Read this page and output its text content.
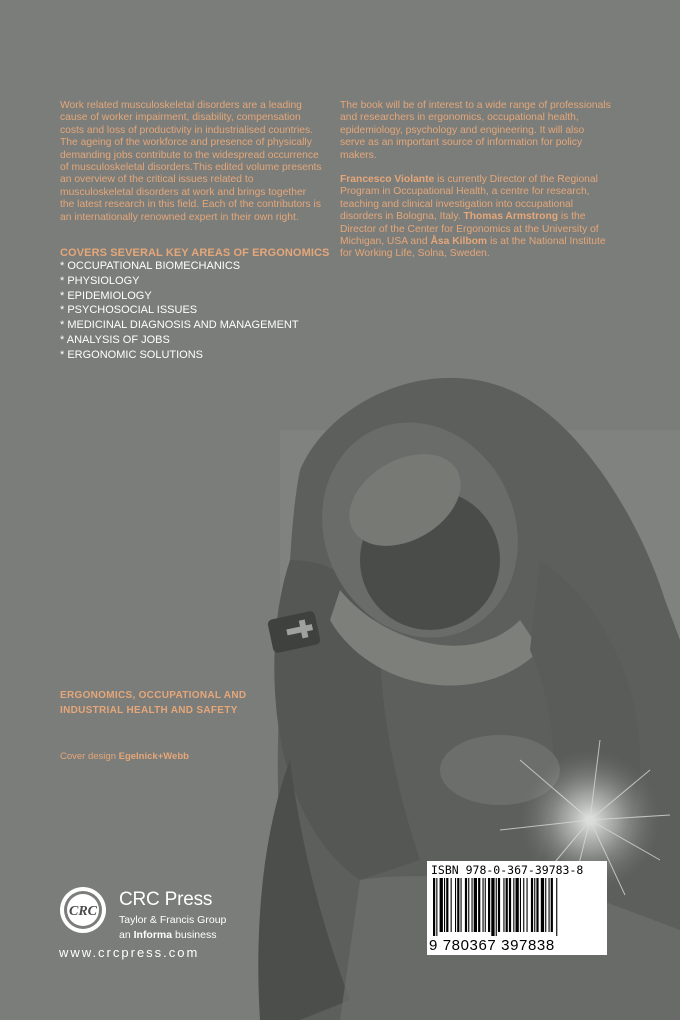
Work related musculoskeletal disorders are a leading cause of worker impairment, disability, compensation costs and loss of productivity in industrialised countries. The ageing of the workforce and presence of physically demanding jobs contribute to the widespread occurrence of musculoskeletal disorders.This edited volume presents an overview of the critical issues related to musculoskeletal disorders at work and brings together the latest research in this field. Each of the contributors is an internationally renowned expert in their own right.

The book will be of interest to a wide range of professionals and researchers in ergonomics, occupational health, epidemiology, psychology and engineering. It will also serve as an important source of information for policy makers.

Francesco Violante is currently Director of the Regional Program in Occupational Health, a centre for research, teaching and clinical investigation into occupational disorders in Bologna, Italy. Thomas Armstrong is the Director of the Center for Ergonomics at the University of Michigan, USA and Åsa Kilbom is at the National Institute for Working Life, Solna, Sweden.

COVERS SEVERAL KEY AREAS OF ERGONOMICS
* OCCUPATIONAL BIOMECHANICS
* PHYSIOLOGY
* EPIDEMIOLOGY
* PSYCHOSOCIAL ISSUES
* MEDICINAL DIAGNOSIS AND MANAGEMENT
* ANALYSIS OF JOBS
* ERGONOMIC SOLUTIONS
ERGONOMICS, OCCUPATIONAL AND
INDUSTRIAL HEALTH AND SAFETY
Cover design Egelnick+Webb
CRC
CRC Press
Taylor & Francis Group
an Informa business
www.crcpress.com
ISBN 978-0-367-39783-8
9 780367 397838
